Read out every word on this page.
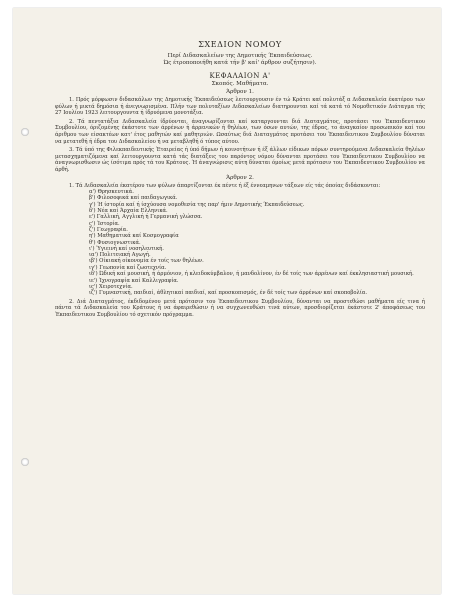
ΣΧΕΔΙΟΝ ΝΟΜΟΥ
Περί Διδασκαλείων της Δημοτικής Έκπαιδεύσεως.
Ώς έτροποποιήθη κατά τήν β' καί' άρθρον συζήτησιν).
ΚΕΦΑΛΑΙΟΝ Α'
Σκοπός. Μαθήματα.
Άρθρον 1.

1. Πρός μόρφωσιν διδασκάλων της Δημοτικής Έκπαιδεύσεως λειτουργουσιν έν τώ Κράτει καί πολυτάξ α Διδασκαλεία έκατέρου των φύλων ή μικτά δημόσια ή άνεγνωρισμένα. Πλήν των πολυταξίων Διδασκαλείων διατηρουνται καί τά κατά τό Νομοθετικόν Διάταγμα τής 27 Ιουλίου 1923 λειτουργουντα ή ίδρυόμενα μονοτάξια.

2. Τά πεντατάξια Διδασκαλεία ίδρύονται, άναγνωρίζονται καί καταργουνται διά Διαταγμάτος, προτάσει του Έκπαιδευτικου Συμβουλίου, όριζομένης έκάστοτε των άρρένων ή άρρενικών ή θηλέων, των όσων αυτών, της έδρας, το άναγκαίον προσωπικόν καί του άριθμου των είσακτέων κατ' έτος μαθητών καί μαθητριών. Ωσαύτως διά Διαταγμάτος προτάσει του Έκπαιδευτικου Συμβουλίου δύναται να μετατεθή ή έδρα του Διδασκαλείου ή να μεταβληθή ό τύπος αύτου.

3. Τά ύπό της Φιλεκπαιδευτικής Έταιρείας ή ύπό δήμων ή κοινοτήτων ή έξ άλλων είδικων πόρων συντηρούμενα Διδασκαλεία θηλέων μετασχηματιζόμενα καί λειτουργουντα κατά τάς διατάξεις του παρόντος νόμου δύνανται προτάσει του Έκπαιδευτικου Συμβουλίου να άναγνωρισθωσιν ώς ίσότιμα πρός τά του Κράτους. Ή άναγνώρισις αύτη δύναται όμοίως μετά πρότασιν του Έκπαιδευτικου Συμβουλίου να άρθή.

Άρθρον 2.

1. Τά Διδασκαλεία έκατέρου των φύλων άπαρτίζονται έκ πέντε ή έξ έννεαμηνων τάξεων είς τάς όποίας διδάσκονται:

α') Θρησκευτικά.

β') Φιλοσοφικά καί παιδαγωγικά.

γ') Ή ίστορία καί ή ίσχύουσα νομοθεσία της παρ' ήμιν Δημοτικής Έκπαιδεύσεως.

δ') Νέα καί Άρχαία Ελληνικά.

ε') Γαλλική, Αγγλική ή Γερμανική γλώσσα.

ς') Ίστορία.

ζ') Γεωγραφία.

η') Μαθηματικά καί Κοσμογραφία

θ') Φυσιογνωστικά.

ι') Ύγιεινή καί νοσηλευτική.

ια') Πολιτειακή Αγωγή.

ιβ') Οίκιακή οίκονομία έν τοίς των θηλέων.

ιγ') Γεωπονία καί ζωοτεχνία.

ιδ') Ώδική καί μουσική, ή άρμόνιον, ή κλειδοκύμβαλον, ή μανδολίνον, έν δέ τοίς των άρρένων καί έκκλησιαστική μουσική.

ιε') Ίχνογραφία καί Καλλιγραφία.

ις') Χειροτεχνία.

ιζ') Γυμναστική, παιδιαί, άθλητικαί παιδιαί, καί προσκοπισμός, έν δέ τοίς των άρρένων καί σκοποβολία.

2. Διά Διαταγμάτος, έκδιδομένου μετά πρότασιν του Έκπαιδευτικου Συμβουλίου, δύνανται να προστεθώσι μαθήματα είς τινα ή πάντα τά Διδασκαλεία του Κράτους ή να άφαιρεθώσιν ή να συγχωνευθώσι τινά αύτων, προσδιορίζεται έκάστοτε 2' άποφάσεως του Έκπαιδευτικου Συμβουλίου τό σχετικόν πρόγραμμα.
